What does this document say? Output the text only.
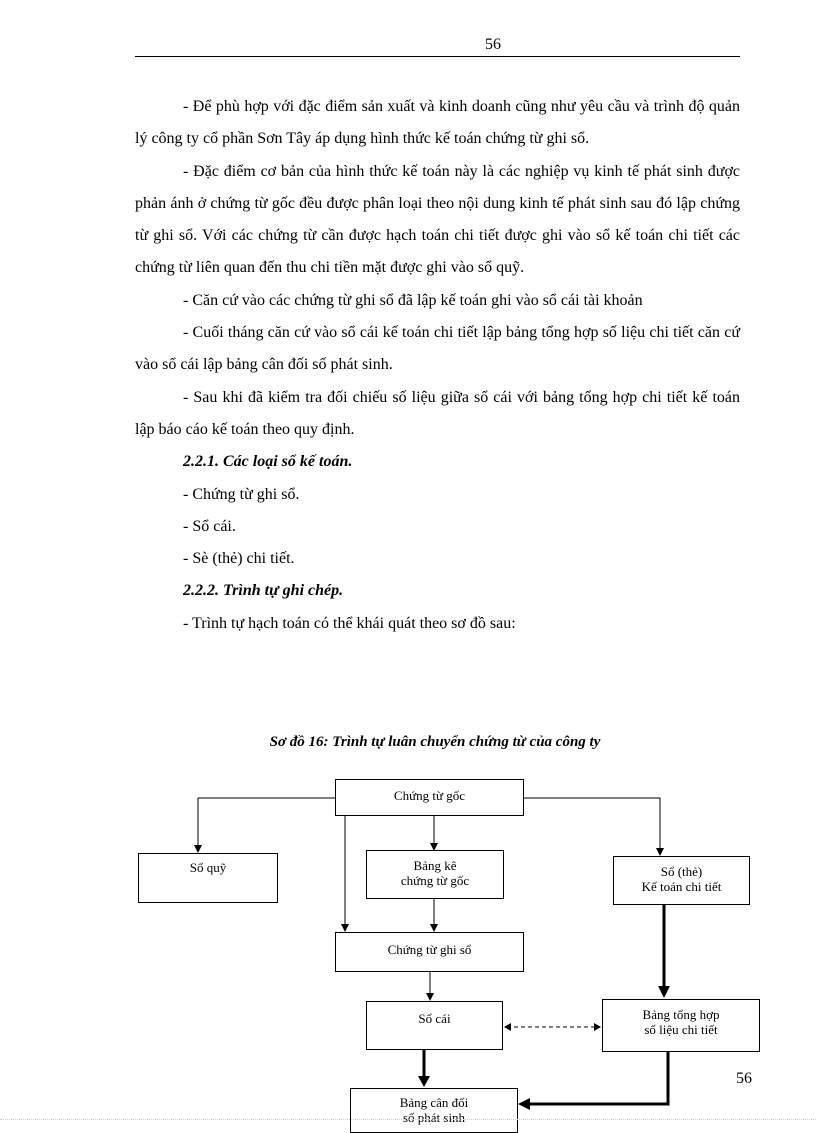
56

- Để phù hợp với đặc điểm sản xuất và kinh doanh cũng như yêu cầu và trình độ quản lý công ty cổ phần Sơn Tây áp dụng hình thức kế toán chứng từ ghi sổ.

- Đặc điểm cơ bản của hình thức kế toán này là các nghiệp vụ kinh tế phát sinh được phản ánh ở chứng từ gốc đều được phân loại theo nội dung kinh tế phát sinh sau đó lập chứng từ ghi sổ. Với các chứng từ cần được hạch toán chi tiết được ghi vào sổ kế toán chi tiết các chứng từ liên quan đến thu chi tiền mặt được ghi vào sổ quỹ.

- Căn cứ vào các chứng từ ghi sổ đã lập kế toán ghi vào sổ cái tài khoản

- Cuối tháng căn cứ vào sổ cái kế toán chi tiết lập bảng tổng hợp số liệu chi tiết căn cứ vào sổ cái lập bảng cân đối số phát sinh.

- Sau khi đã kiểm tra đối chiếu số liệu giữa sổ cái với bảng tổng hợp chi tiết kế toán lập báo cáo kế toán theo quy định.

2.2.1. Các loại sổ kế toán.

- Chứng từ ghi sổ.

- Sổ cái.

- Sè (thẻ) chi tiết.

2.2.2. Trình tự ghi chép.

- Trình tự hạch toán có thể khái quát theo sơ đồ sau:

Sơ đồ 16: Trình tự luân chuyển chứng từ của công ty
Chứng từ gốc
Sổ quỹ	Bảng kê
chứng từ gốc
Sổ (thẻ)
Kế toán chi tiết
Chứng từ ghi sổ
Sổ cái	Bảng tổng hợp
số liệu chi tiết
Bảng cân đối
số phát sinh
56
